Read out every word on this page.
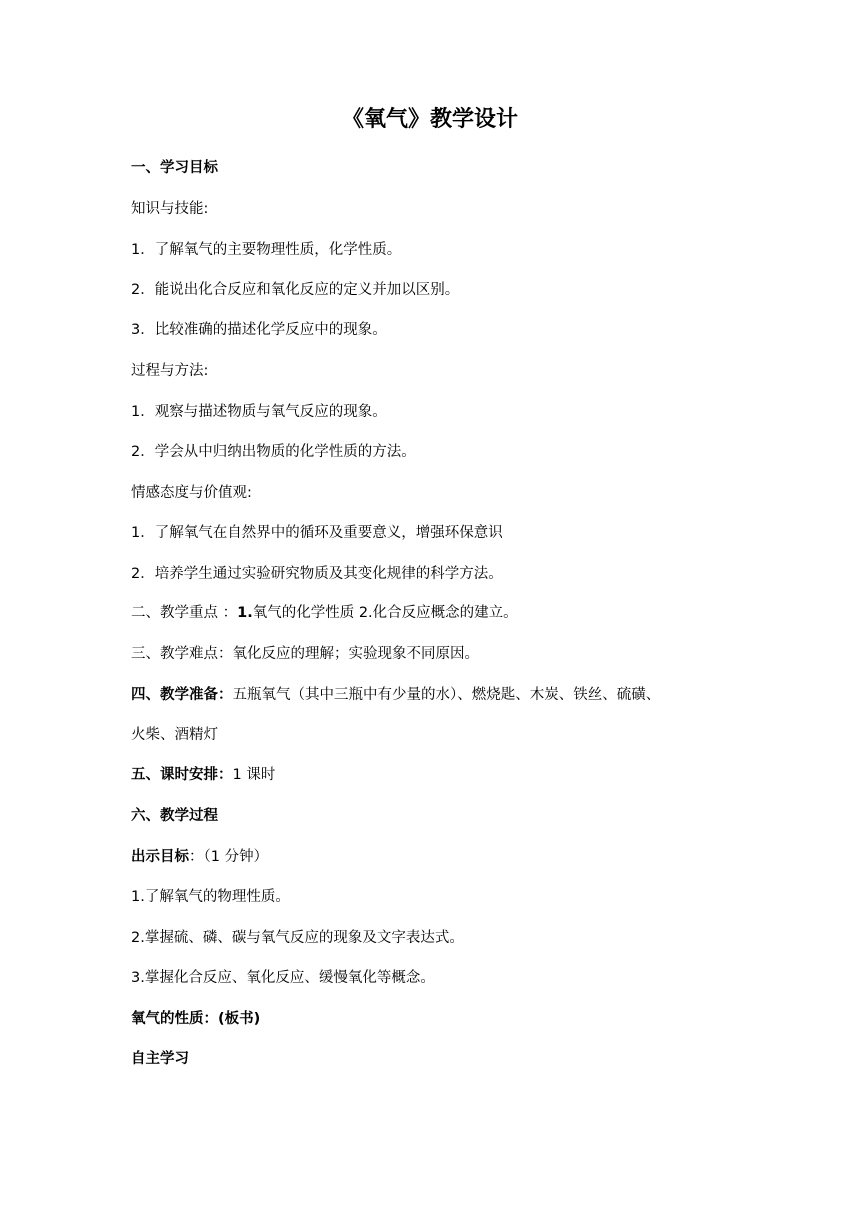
《氧气》教学设计
一、学习目标
知识与技能:
1．了解氧气的主要物理性质，化学性质。
2．能说出化合反应和氧化反应的定义并加以区别。
3．比较准确的描述化学反应中的现象。
过程与方法:
1．观察与描述物质与氧气反应的现象。
2．学会从中归纳出物质的化学性质的方法。
情感态度与价值观:
1．了解氧气在自然界中的循环及重要意义，增强环保意识
2．培养学生通过实验研究物质及其变化规律的科学方法。
二、教学重点 ：1.氧气的化学性质 2.化合反应概念的建立。
三、教学难点：氧化反应的理解；实验现象不同原因。
四、教学准备：五瓶氧气（其中三瓶中有少量的水）、燃烧匙、木炭、铁丝、硫磺、
火柴、酒精灯
五、课时安排：1 课时
六、教学过程
出示目标：（1 分钟）
1.了解氧气的物理性质。
2.掌握硫、磷、碳与氧气反应的现象及文字表达式。
3.掌握化合反应、氧化反应、缓慢氧化等概念。
氧气的性质：(板书)
自主学习
